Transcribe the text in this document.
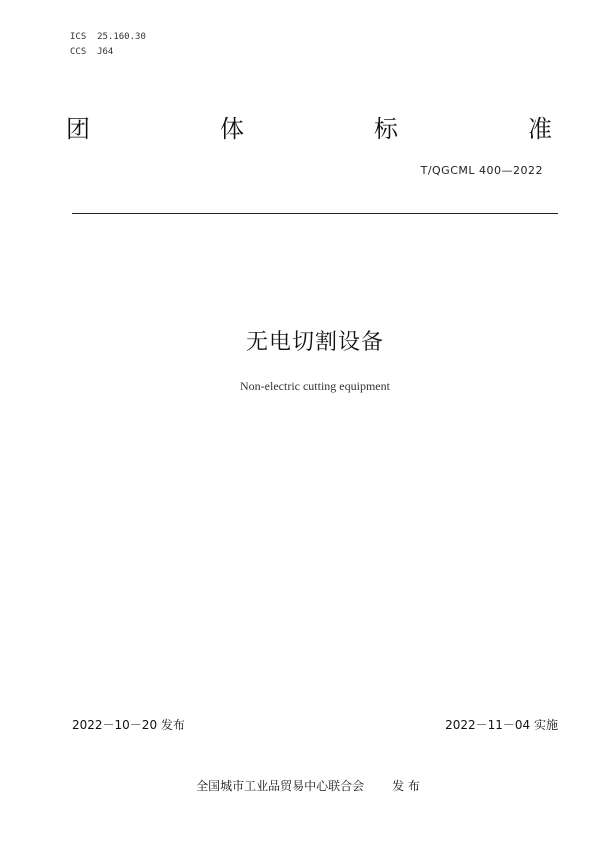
ICS  25.160.30
CCS  J64
团	体	标	准
T/QGCML 400—2022
无电切割设备
Non-electric cutting equipment
2022－10－20 发布	2022－11－04 实施
全国城市工业品贸易中心联合会 发 布
